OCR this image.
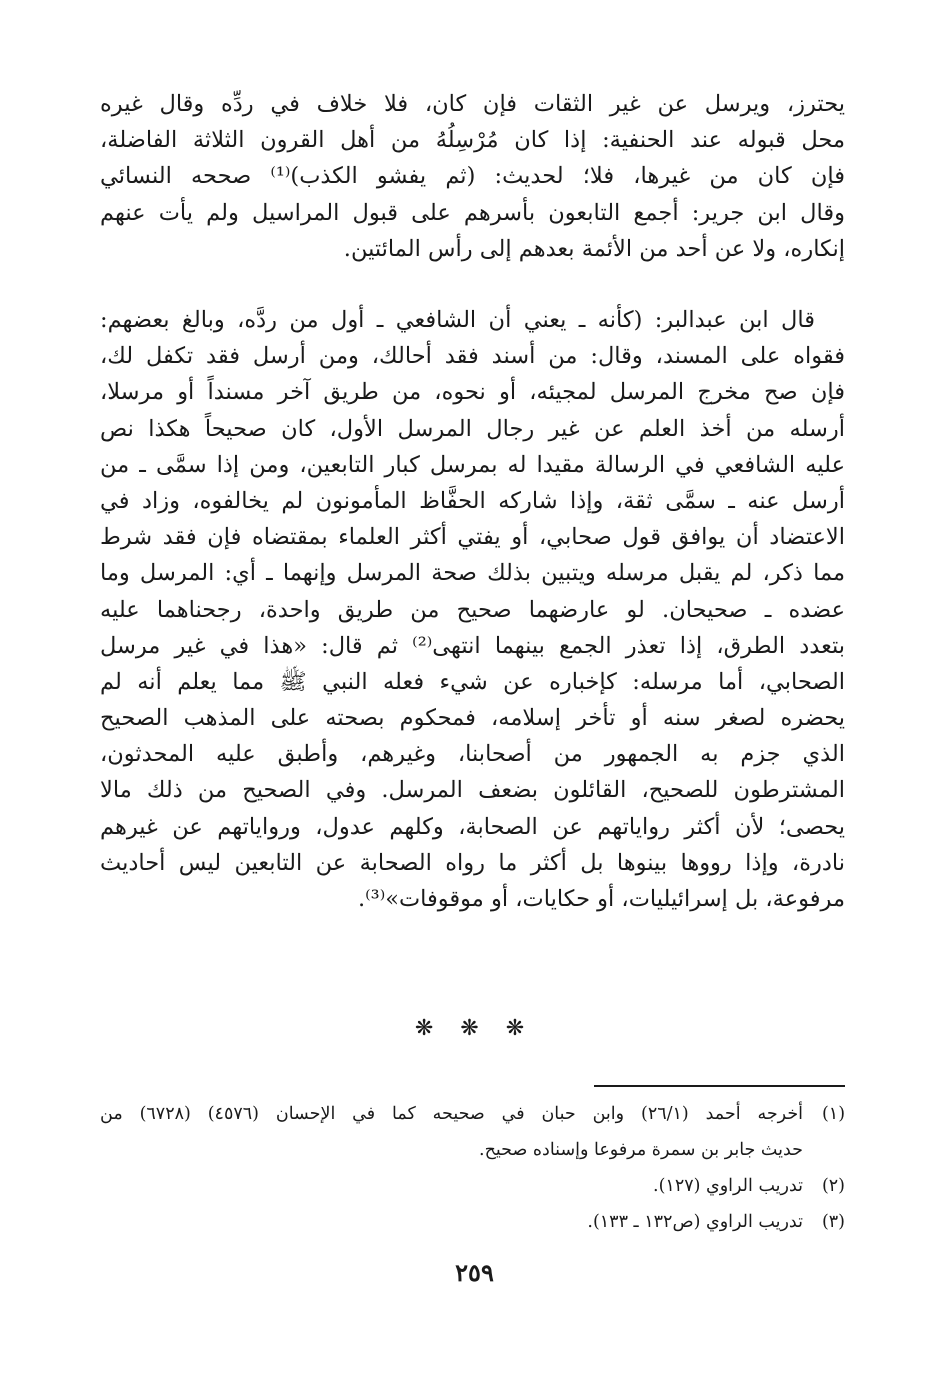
يحترز، ويرسل عن غير الثقات فإن كان، فلا خلاف في ردِّه وقال غيره
محل قبوله عند الحنفية: إذا كان مُرْسِلُهُ من أهل القرون الثلاثة الفاضلة،
فإن كان من غيرها، فلا؛ لحديث: (ثم يفشو الكذب)⁽¹⁾ صححه النسائي
وقال ابن جرير: أجمع التابعون بأسرهم على قبول المراسيل ولم يأت عنهم
إنكاره، ولا عن أحد من الأئمة بعدهم إلى رأس المائتين.
قال ابن عبدالبر: (كأنه ـ يعني أن الشافعي ـ أول من ردَّه، وبالغ بعضهم:
فقواه على المسند، وقال: من أسند فقد أحالك، ومن أرسل فقد تكفل لك،
فإن صح مخرج المرسل لمجيئه، أو نحوه، من طريق آخر مسنداً أو مرسلا،
أرسله من أخذ العلم عن غير رجال المرسل الأول، كان صحيحاً هكذا نص
عليه الشافعي في الرسالة مقيدا له بمرسل كبار التابعين، ومن إذا سمَّى ـ من
أرسل عنه ـ سمَّى ثقة، وإذا شاركه الحفَّاظ المأمونون لم يخالفوه، وزاد في
الاعتضاد أن يوافق قول صحابي، أو يفتي أكثر العلماء بمقتضاه فإن فقد شرط
مما ذكر، لم يقبل مرسله ويتبين بذلك صحة المرسل وإنهما ـ أي: المرسل وما
عضده ـ صحيحان. لو عارضهما صحيح من طريق واحدة، رجحناهما عليه
بتعدد الطرق، إذا تعذر الجمع بينهما انتهى⁽²⁾ ثم قال: «هذا في غير مرسل
الصحابي، أما مرسله: كإخباره عن شيء فعله النبي ﷺ مما يعلم أنه لم
يحضره لصغر سنه أو تأخر إسلامه، فمحكوم بصحته على المذهب الصحيح
الذي جزم به الجمهور من أصحابنا، وغيرهم، وأطبق عليه المحدثون،
المشترطون للصحيح، القائلون بضعف المرسل. وفي الصحيح من ذلك مالا
يحصى؛ لأن أكثر رواياتهم عن الصحابة، وكلهم عدول، ورواياتهم عن غيرهم
نادرة، وإذا رووها بينوها بل أكثر ما رواه الصحابة عن التابعين ليس أحاديث
مرفوعة، بل إسرائيليات، أو حكايات، أو موقوفات»⁽³⁾.
❋ ❋ ❋
(١)أخرجه أحمد (٢٦/١) وابن حبان في صحيحه كما في الإحسان (٤٥٧٦) (٦٧٢٨) من
حديث جابر بن سمرة مرفوعا وإسناده صحيح.
(٢)تدريب الراوي (١٢٧).
(٣)تدريب الراوي (ص١٣٢ ـ ١٣٣).
٢٥٩
